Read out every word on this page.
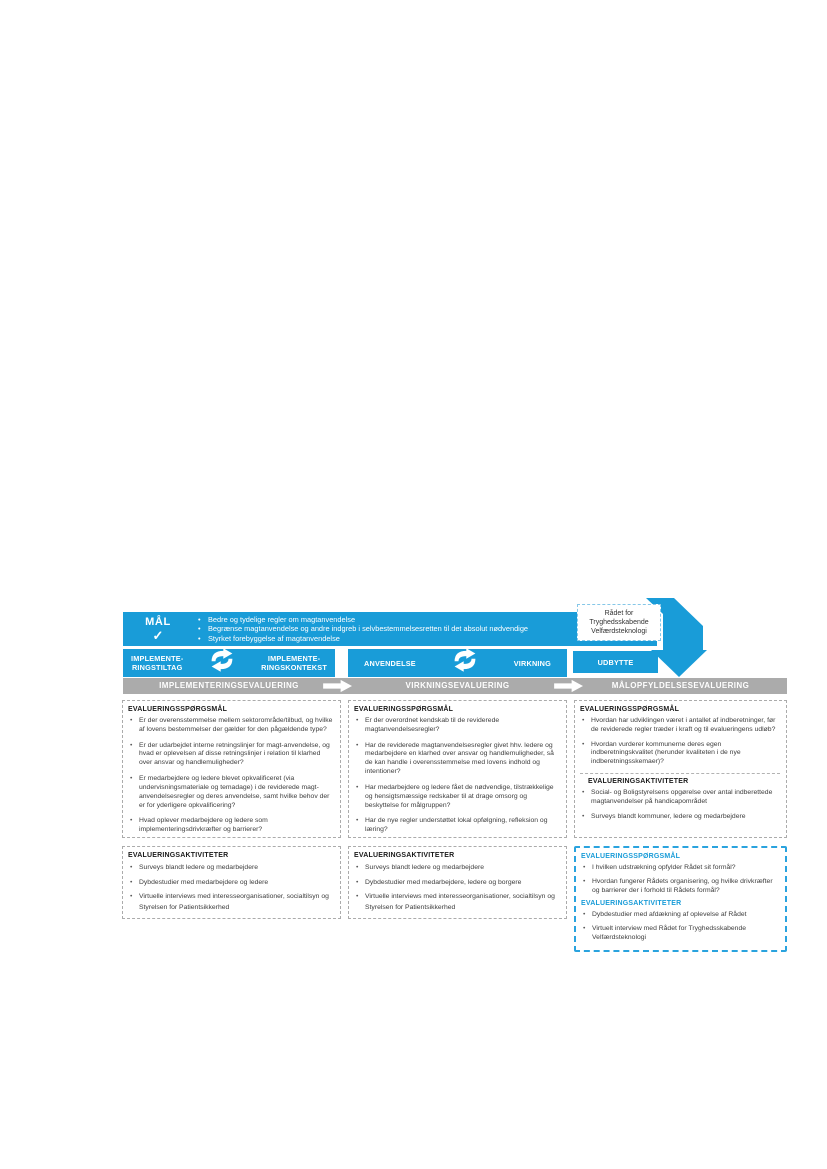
MÅL
✓
• Bedre og tydelige regler om magtanvendelse
• Begrænse magtanvendelse og andre indgreb i selvbestemmelsesretten til det absolut nødvendige
• Styrket forebyggelse af magtanvendelse
Rådet for
Tryghedsskabende
Velfærdsteknologi
IMPLEMENTE-
RINGSTILTAG
IMPLEMENTE-
RINGSKONTEKST	ANVENDELSE	VIRKNING	UDBYTTE
IMPLEMENTERINGSEVALUERING	VIRKNINGSEVALUERING	MÅLOPFYLDELSESEVALUERING
EVALUERINGSSPØRGSMÅL
• Er der overensstemmelse mellem sektorområde/tilbud, og hvilke af lovens bestemmelser der gælder for den pågældende type?
• Er der udarbejdet interne retningslinjer for magt-anvendelse, og hvad er oplevelsen af disse retningslinjer i relation til klarhed over ansvar og handlemuligheder?
• Er medarbejdere og ledere blevet opkvalificeret (via undervisningsmateriale og temadage) i de reviderede magt-anvendelsesregler og deres anvendelse, samt hvilke behov der er for yderligere opkvalificering?
• Hvad oplever medarbejdere og ledere som implementeringsdrivkræfter og barrierer?
EVALUERINGSSPØRGSMÅL
• Er der overordnet kendskab til de reviderede magtanvendelsesregler?
• Har de reviderede magtanvendelsesregler givet hhv. ledere og medarbejdere en klarhed over ansvar og handlemuligheder, så de kan handle i overensstemmelse med lovens indhold og intentioner?
• Har medarbejdere og ledere fået de nødvendige, tilstrækkelige og hensigtsmæssige redskaber til at drage omsorg og beskyttelse for målgruppen?
• Har de nye regler understøttet lokal opfølgning, refleksion og læring?
EVALUERINGSSPØRGSMÅL
• Hvordan har udviklingen været i antallet af indberetninger, før de reviderede regler træder i kraft og til evalueringens udløb?
• Hvordan vurderer kommunerne deres egen indberetningskvalitet (herunder kvaliteten i de nye indberetningsskemaer)?
EVALUERINGSAKTIVITETER
• Social- og Boligstyrelsens opgørelse over antal indberettede magtanvendelser på handicapområdet
• Surveys blandt kommuner, ledere og medarbejdere
EVALUERINGSAKTIVITETER
• Surveys blandt ledere og medarbejdere
• Dybdestudier med medarbejdere og ledere
• Virtuelle interviews med interesseorganisationer, socialtilsyn og Styrelsen for Patientsikkerhed
EVALUERINGSAKTIVITETER
• Surveys blandt ledere og medarbejdere
• Dybdestudier med medarbejdere, ledere og borgere
• Virtuelle interviews med interesseorganisationer, socialtilsyn og Styrelsen for Patientsikkerhed
EVALUERINGSSPØRGSMÅL
• I hvilken udstrækning opfylder Rådet sit formål?
• Hvordan fungerer Rådets organisering, og hvilke drivkræfter og barrierer der i forhold til Rådets formål?
EVALUERINGSAKTIVITETER
• Dybdestudier med afdækning af oplevelse af Rådet
• Virtuelt interview med Rådet for Tryghedsskabende Velfærdsteknologi
